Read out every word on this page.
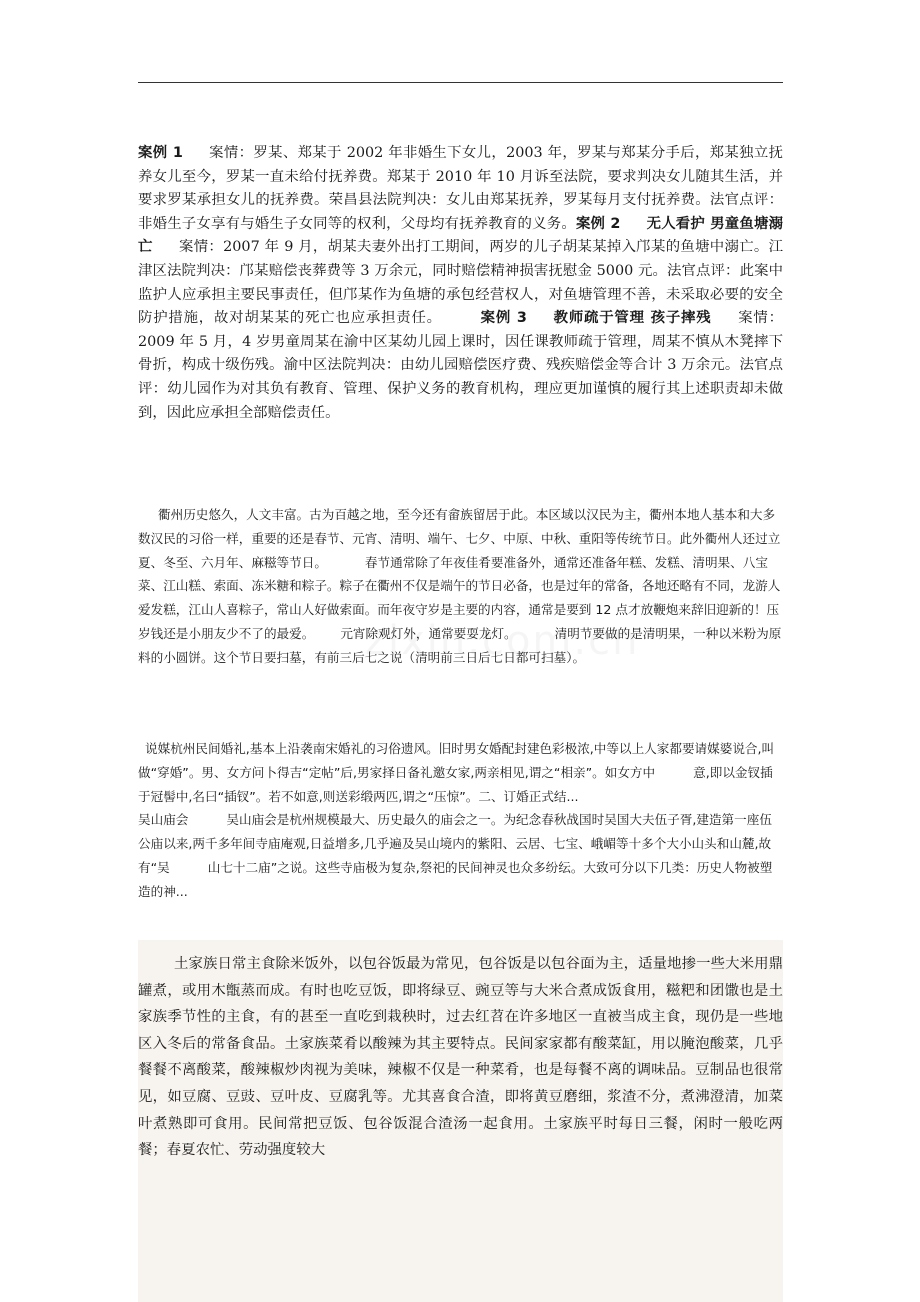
案例 1 案情：罗某、郑某于 2002 年非婚生下女儿，2003 年，罗某与郑某分手后，郑某独立抚养女儿至今，罗某一直未给付抚养费。郑某于 2010 年 10 月诉至法院，要求判决女儿随其生活，并要求罗某承担女儿的抚养费。荣昌县法院判决：女儿由郑某抚养，罗某每月支付抚养费。法官点评：非婚生子女享有与婚生子女同等的权利，父母均有抚养教育的义务。案例 2 无人看护 男童鱼塘溺亡 案情：2007 年 9 月，胡某夫妻外出打工期间，两岁的儿子胡某某掉入邝某的鱼塘中溺亡。江津区法院判决：邝某赔偿丧葬费等 3 万余元，同时赔偿精神损害抚慰金 5000 元。法官点评：此案中监护人应承担主要民事责任，但邝某作为鱼塘的承包经营权人，对鱼塘管理不善，未采取必要的安全防护措施，故对胡某某的死亡也应承担责任。	案例 3 教师疏于管理 孩子摔残 案情：2009 年 5 月，4 岁男童周某在渝中区某幼儿园上课时，因任课教师疏于管理，周某不慎从木凳摔下骨折，构成十级伤残。渝中区法院判决：由幼儿园赔偿医疗费、残疾赔偿金等合计 3 万余元。法官点评：幼儿园作为对其负有教育、管理、保护义务的教育机构，理应更加谨慎的履行其上述职责却未做到，因此应承担全部赔偿责任。
衢州历史悠久，人文丰富。古为百越之地，至今还有畲族留居于此。本区域以汉民为主，衢州本地人基本和大多数汉民的习俗一样，重要的还是春节、元宵、清明、端午、七夕、中原、中秋、重阳等传统节日。此外衢州人还过立夏、冬至、六月年、麻糍等节日。	春节通常除了年夜佳肴要准备外，通常还准备年糕、发糕、清明果、八宝菜、江山糕、索面、冻米糖和粽子。粽子在衢州不仅是端午的节日必备，也是过年的常备，各地还略有不同，龙游人爱发糕，江山人喜粽子，常山人好做索面。而年夜守岁是主要的内容，通常是要到 12 点才放鞭炮来辞旧迎新的！压岁钱还是小朋友少不了的最爱。 元宵除观灯外，通常要耍龙灯。	清明节要做的是清明果，一种以米粉为原料的小圆饼。这个节日要扫墓，有前三后七之说（清明前三日后七日都可扫墓）。
说媒杭州民间婚礼,基本上沿袭南宋婚礼的习俗遗风。旧时男女婚配封建色彩极浓,中等以上人家都要请媒婆说合,叫做“穿婚”。男、女方问卜得吉“定帖”后,男家择日备礼邀女家,两亲相见,谓之“相亲”。如女方中	意,即以金钗插于冠髻中,名曰“插钗”。若不如意,则送彩缎两匹,谓之“压惊”。二、订婚正式结...
吴山庙会	吴山庙会是杭州规模最大、历史最久的庙会之一。为纪念春秋战国时吴国大夫伍子胥,建造第一座伍公庙以来,两千多年间寺庙庵观,日益增多,几乎遍及吴山境内的紫阳、云居、七宝、峨嵋等十多个大小山头和山麓,故有“吴	山七十二庙”之说。这些寺庙极为复杂,祭祀的民间神灵也众多纷纭。大致可分以下几类：历史人物被塑造的神...
土家族日常主食除米饭外，以包谷饭最为常见，包谷饭是以包谷面为主，适量地掺一些大米用鼎罐煮，或用木甑蒸而成。有时也吃豆饭，即将绿豆、豌豆等与大米合煮成饭食用，糍粑和团馓也是土家族季节性的主食，有的甚至一直吃到栽秧时，过去红苕在许多地区一直被当成主食，现仍是一些地区入冬后的常备食品。土家族菜肴以酸辣为其主要特点。民间家家都有酸菜缸，用以腌泡酸菜，几乎餐餐不离酸菜，酸辣椒炒肉视为美味，辣椒不仅是一种菜肴，也是每餐不离的调味品。豆制品也很常见，如豆腐、豆豉、豆叶皮、豆腐乳等。尤其喜食合渣，即将黄豆磨细，浆渣不分，煮沸澄清，加菜叶煮熟即可食用。民间常把豆饭、包谷饭混合渣汤一起食用。土家族平时每日三餐，闲时一般吃两餐；春夏农忙、劳动强度较大
